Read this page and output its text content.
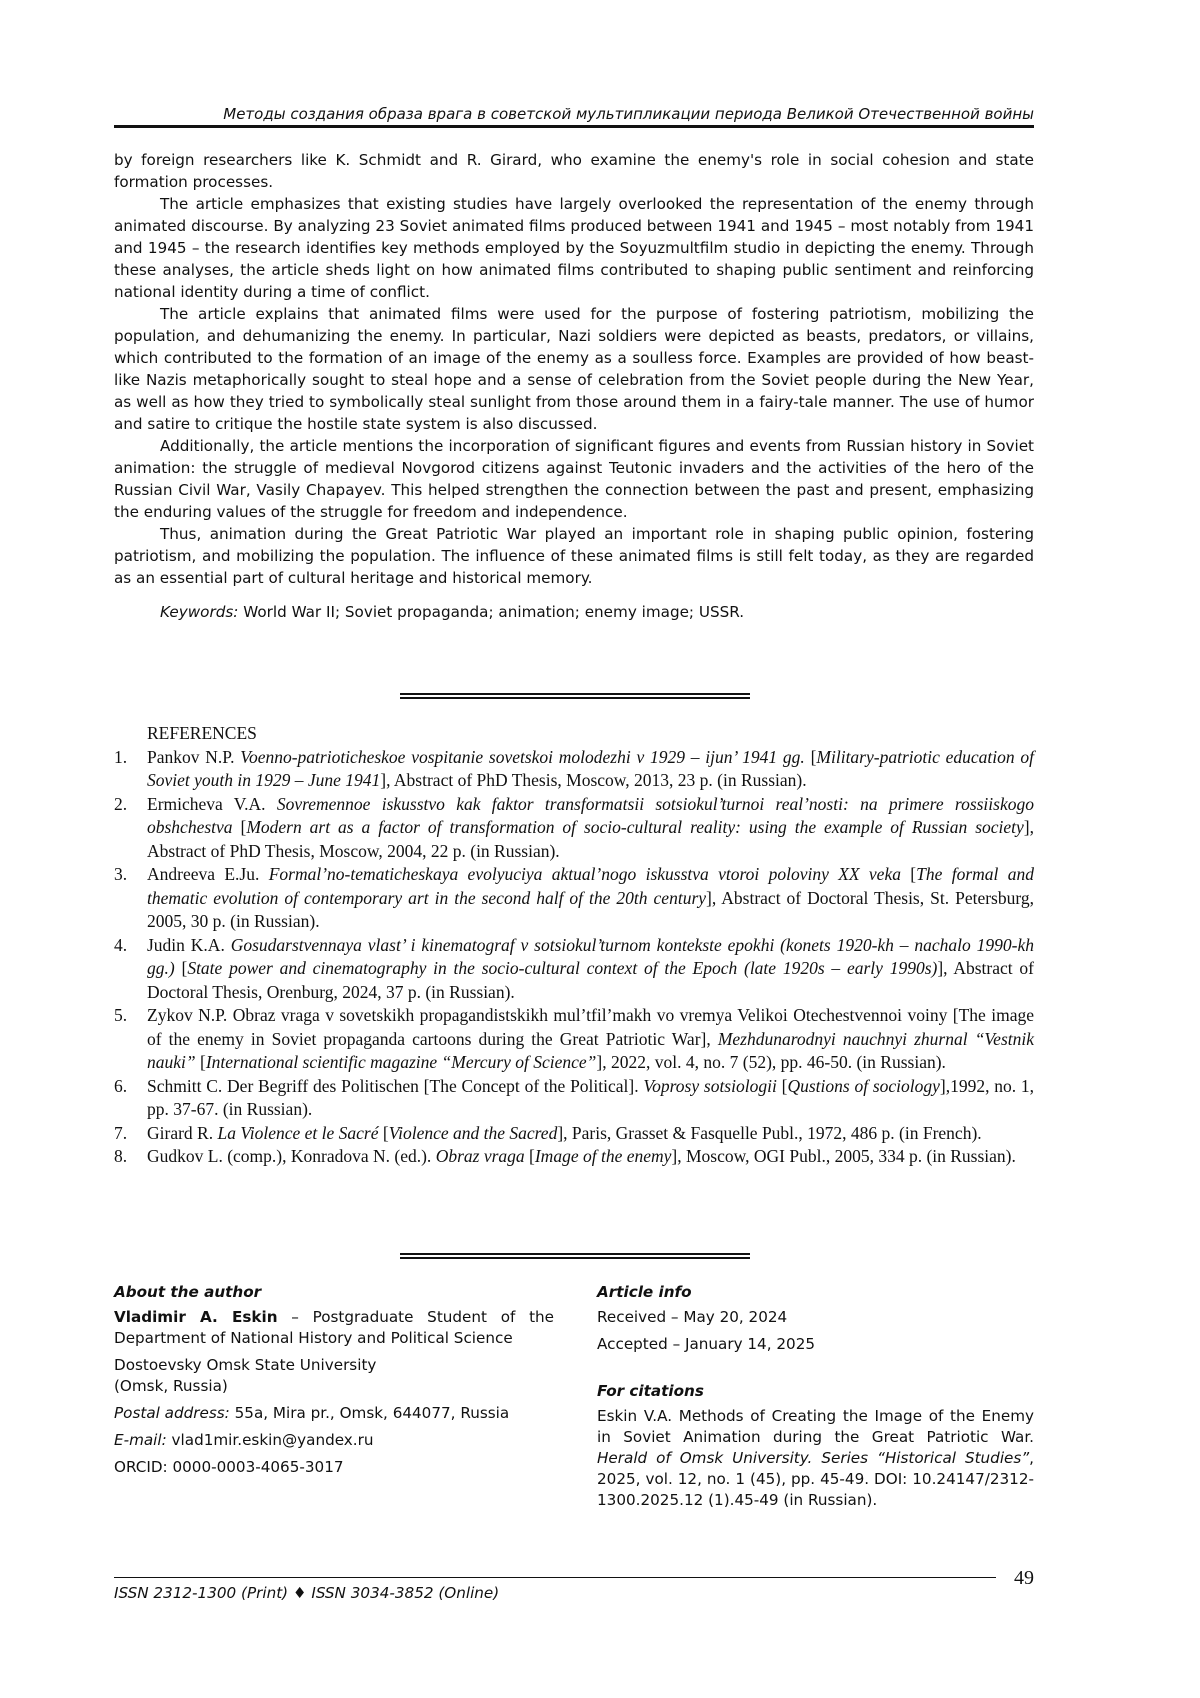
Методы создания образа врага в советской мультипликации периода Великой Отечественной войны

by foreign researchers like K. Schmidt and R. Girard, who examine the enemy's role in social cohesion and state formation processes.

The article emphasizes that existing studies have largely overlooked the representation of the enemy through animated discourse. By analyzing 23 Soviet animated films produced between 1941 and 1945 – most notably from 1941 and 1945 – the research identifies key methods employed by the Soyuzmultfilm studio in depicting the enemy. Through these analyses, the article sheds light on how animated films contributed to shaping public sentiment and reinforcing national identity during a time of conflict.

The article explains that animated films were used for the purpose of fostering patriotism, mobilizing the population, and dehumanizing the enemy. In particular, Nazi soldiers were depicted as beasts, predators, or villains, which contributed to the formation of an image of the enemy as a soulless force. Examples are provided of how beast-like Nazis metaphorically sought to steal hope and a sense of celebration from the Soviet people during the New Year, as well as how they tried to symbolically steal sunlight from those around them in a fairy-tale manner. The use of humor and satire to critique the hostile state system is also discussed.

Additionally, the article mentions the incorporation of significant figures and events from Russian history in Soviet animation: the struggle of medieval Novgorod citizens against Teutonic invaders and the activities of the hero of the Russian Civil War, Vasily Chapayev. This helped strengthen the connection between the past and present, emphasizing the enduring values of the struggle for freedom and independence.

Thus, animation during the Great Patriotic War played an important role in shaping public opinion, fostering patriotism, and mobilizing the population. The influence of these animated films is still felt today, as they are regarded as an essential part of cultural heritage and historical memory.

Keywords: World War II; Soviet propaganda; animation; enemy image; USSR.

REFERENCES
1.	Pankov N.P. Voenno-patrioticheskoe vospitanie sovetskoi molodezhi v 1929 – ijun’ 1941 gg. [Military-patriotic education of Soviet youth in 1929 – June 1941], Abstract of PhD Thesis, Moscow, 2013, 23 p. (in Russian).
2.	Ermicheva V.A. Sovremennoe iskusstvo kak faktor transformatsii sotsiokul’turnoi real’nosti: na primere rossiiskogo obshchestva [Modern art as a factor of transformation of socio-cultural reality: using the example of Russian society], Abstract of PhD Thesis, Moscow, 2004, 22 p. (in Russian).
3.	Andreeva E.Ju. Formal’no-tematicheskaya evolyuciya aktual’nogo iskusstva vtoroi poloviny XX veka [The formal and thematic evolution of contemporary art in the second half of the 20th century], Abstract of Doctoral Thesis, St. Petersburg, 2005, 30 p. (in Russian).
4.	Judin K.A. Gosudarstvennaya vlast’ i kinematograf v sotsiokul’turnom kontekste epokhi (konets 1920-kh – nachalo 1990-kh gg.) [State power and cinematography in the socio-cultural context of the Epoch (late 1920s – early 1990s)], Abstract of Doctoral Thesis, Orenburg, 2024, 37 p. (in Russian).
5.	Zykov N.P. Obraz vraga v sovetskikh propagandistskikh mul’tfil’makh vo vremya Velikoi Otechestvennoi voiny [The image of the enemy in Soviet propaganda cartoons during the Great Patriotic War], Mezhdunarodnyi nauchnyi zhurnal “Vestnik nauki” [International scientific magazine “Mercury of Science”], 2022, vol. 4, no. 7 (52), pp. 46-50. (in Russian).
6.	Schmitt C. Der Begriff des Politischen [The Concept of the Political]. Voprosy sotsiologii [Qustions of sociology],1992, no. 1, pp. 37-67. (in Russian).
7.	Girard R. La Violence et le Sacré [Violence and the Sacred], Paris, Grasset & Fasquelle Publ., 1972, 486 p. (in French).
8.	Gudkov L. (comp.), Konradova N. (ed.). Obraz vraga [Image of the enemy], Moscow, OGI Publ., 2005, 334 p. (in Russian).
About the author

Vladimir A. Eskin – Postgraduate Student of the Department of National History and Political Science

Dostoevsky Omsk State University
(Omsk, Russia)

Postal address: 55a, Mira pr., Omsk, 644077, Russia

E-mail: vlad1mir.eskin@yandex.ru

ORCID: 0000-0003-4065-3017

Article info

Received – May 20, 2024

Accepted – January 14, 2025

For citations

Eskin V.A. Methods of Creating the Image of the Enemy in Soviet Animation during the Great Patriotic War. Herald of Omsk University. Series “Historical Studies”, 2025, vol. 12, no. 1 (45), pp. 45-49. DOI: 10.24147/2312-1300.2025.12 (1).45-49 (in Russian).

ISSN 2312-1300 (Print) ♦ ISSN 3034-3852 (Online)
49
